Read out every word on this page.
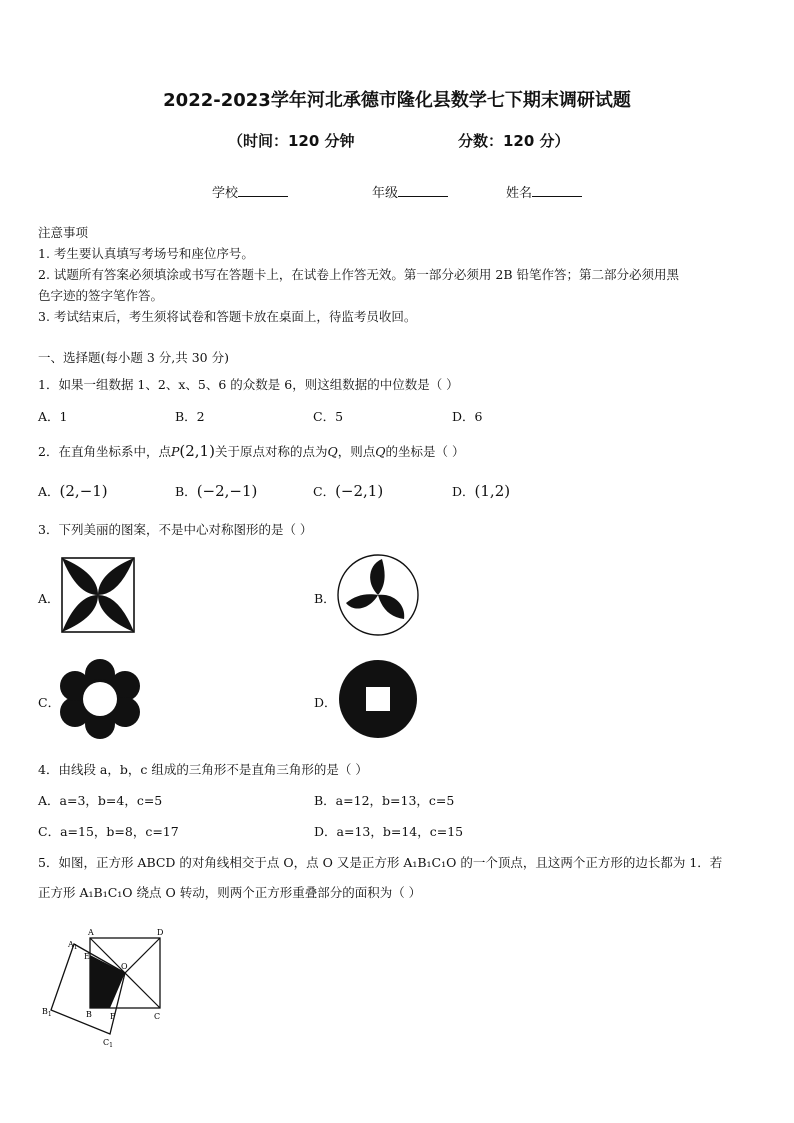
2022-2023学年河北承德市隆化县数学七下期末调研试题
（时间：120 分钟	分数：120 分）
学校	年级	姓名
注意事项
1. 考生要认真填写考场号和座位序号。
2. 试题所有答案必须填涂或书写在答题卡上，在试卷上作答无效。第一部分必须用 2B 铅笔作答；第二部分必须用黑
色字迹的签字笔作答。
3. 考试结束后，考生须将试卷和答题卡放在桌面上，待监考员收回。
一、选择题(每小题 3 分,共 30 分)
1．如果一组数据 1、2、x、5、6 的众数是 6，则这组数据的中位数是（ ）
A．1	B．2	C．5	D．6
2．在直角坐标系中，点P(2,1)关于原点对称的点为Q，则点Q的坐标是（ ）
A．(2,−1)	B．(−2,−1)	C．(−2,1)	D．(1,2)
3．下列美丽的图案，不是中心对称图形的是（ ）
A．	B．
C．	D．
4．由线段 a，b，c 组成的三角形不是直角三角形的是（ ）
A．a=3，b=4，c=5	B．a=12，b=13，c=5
C．a=15，b=8，c=17	D．a=13，b=14，c=15
5．如图，正方形 ABCD 的对角线相交于点 O，点 O 又是正方形 A₁B₁C₁O 的一个顶点，且这两个正方形的边长都为 1．若
正方形 A₁B₁C₁O 绕点 O 转动，则两个正方形重叠部分的面积为（ ）
$A_1$
A	D
E
O
$B_1$	B F	C
$C_1$
